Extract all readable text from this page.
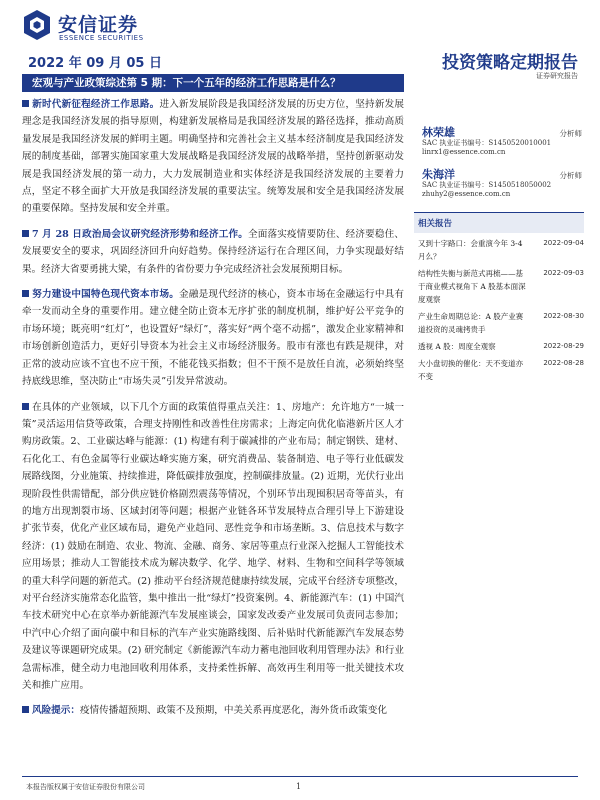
安信证券
ESSENCE SECURITIES
2022 年 09 月 05 日	投资策略定期报告
证券研究报告
宏观与产业政策综述第 5 期：下一个五年的经济工作思路是什么？

新时代新征程经济工作思路。进入新发展阶段是我国经济发展的历史方位，坚持新发展理念是我国经济发展的指导原则，构建新发展格局是我国经济发展的路径选择，推动高质量发展是我国经济发展的鲜明主题。明确坚持和完善社会主义基本经济制度是我国经济发展的制度基础，部署实施国家重大发展战略是我国经济发展的战略举措，坚持创新驱动发展是我国经济发展的第一动力，大力发展制造业和实体经济是我国经济发展的主要着力点，坚定不移全面扩大开放是我国经济发展的重要法宝。统筹发展和安全是我国经济发展的重要保障。坚持发展和安全并重。

7 月 28 日政治局会议研究经济形势和经济工作。全面落实疫情要防住、经济要稳住、发展要安全的要求，巩固经济回升向好趋势。保持经济运行在合理区间，力争实现最好结果。经济大省要勇挑大梁，有条件的省份要力争完成经济社会发展预期目标。

努力建设中国特色现代资本市场。金融是现代经济的核心，资本市场在金融运行中具有牵一发而动全身的重要作用。建立健全防止资本无序扩张的制度机制，维护好公平竞争的市场环境；既亮明“红灯”，也设置好“绿灯”，落实好“两个毫不动摇”，激发企业家精神和市场创新创造活力，更好引导资本为社会主义市场经济服务。股市有涨也有跌是规律，对正常的波动应该不宜也不应干预，不能花钱买指数；但不干预不是放任自流，必须始终坚持底线思维，坚决防止“市场失灵”引发异常波动。

在具体的产业领域，以下几个方面的政策值得重点关注：1、房地产：允许地方“一城一策”灵活运用信贷等政策，合理支持刚性和改善性住房需求；上海定向优化临港新片区人才购房政策。2、工业碳达峰与能源：(1) 构建有利于碳减排的产业布局；制定钢铁、建材、石化化工、有色金属等行业碳达峰实施方案，研究消费品、装备制造、电子等行业低碳发展路线图，分业施策、持续推进，降低碳排放强度，控制碳排放量。(2) 近期，光伏行业出现阶段性供需错配，部分供应链价格剧烈震荡等情况，个别环节出现囤积居奇等苗头，有的地方出现割裂市场、区域封闭等问题；根据产业链各环节发展特点合理引导上下游建设扩张节奏，优化产业区域布局，避免产业趋同、恶性竞争和市场垄断。3、信息技术与数字经济：(1) 鼓励在制造、农业、物流、金融、商务、家居等重点行业深入挖掘人工智能技术应用场景；推动人工智能技术成为解决数学、化学、地学、材料、生物和空间科学等领域的重大科学问题的新范式。(2) 推动平台经济规范健康持续发展，完成平台经济专项整改，对平台经济实施常态化监管，集中推出一批“绿灯”投资案例。4、新能源汽车：(1) 中国汽车技术研究中心在京举办新能源汽车发展座谈会，国家发改委产业发展司负责同志参加；中汽中心介绍了面向碳中和目标的汽车产业实施路线图、后补贴时代新能源汽车发展态势及建议等课题研究成果。(2) 研究制定《新能源汽车动力蓄电池回收利用管理办法》和行业急需标准，健全动力电池回收利用体系，支持柔性拆解、高效再生利用等一批关键技术攻关和推广应用。

风险提示：疫情传播超预期、政策不及预期，中美关系再度恶化，海外货币政策变化

林荣雄	分析师
SAC 执业证书编号：S1450520010001
linrx1@essence.com.cn
朱海洋	分析师
SAC 执业证书编号：S1450518050002
zhuhy2@essence.com.cn
相关报告
又到十字路口：会重演今年 3-4 月么？
2022-09-04
结构性失衡与新范式再梳——基于商业模式视角下 A 股基本面深度观察
2022-09-03
产业生命周期总论：A 股产业赛道投资的灵魂拷贵手
2022-08-30
透视 A 股：周度全观察	2022-08-29
大小盘切换的催化：天不变道亦不变
2022-08-28
本报告版权属于安信证券股份有限公司	1
